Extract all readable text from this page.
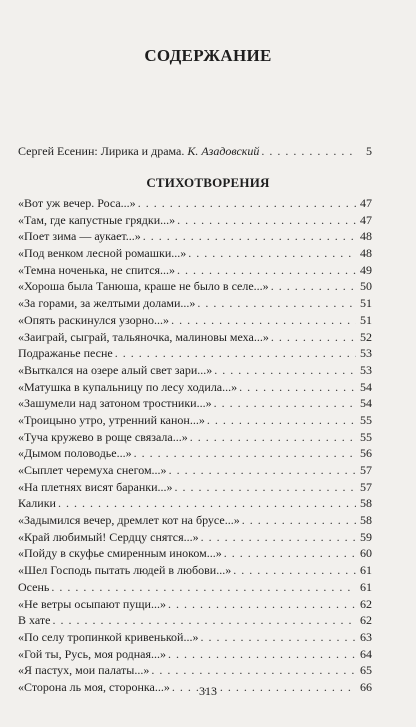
СОДЕРЖАНИЕ
Сергей Есенин: Лирика и драма. К. Азадовский . . .	5
СТИХОТВОРЕНИЯ
«Вот уж вечер. Роса...» . . .	47
«Там, где капустные грядки...» . . .	47
«Поет зима — аукает...» . . .	48
«Под венком лесной ромашки...» . . .	48
«Темна ноченька, не спится...» . . .	49
«Хороша была Танюша, краше не было в селе...» . . .	50
«За горами, за желтыми долами...» . . .	51
«Опять раскинулся узорно...» . . .	51
«Заиграй, сыграй, тальяночка, малиновы меха...» . . .	52
Подражанье песне . . .	53
«Выткался на озере алый свет зари...» . . .	53
«Матушка в купальницу по лесу ходила...» . . .	54
«Зашумели над затоном тростники...» . . .	54
«Троицыно утро, утренний канон...» . . .	55
«Туча кружево в роще связала...» . . .	55
«Дымом половодье...» . . .	56
«Сыплет черемуха снегом...» . . .	57
«На плетнях висят баранки...» . . .	57
Калики . . .	58
«Задымился вечер, дремлет кот на брусе...» . . .	58
«Край любимый! Сердцу снятся...» . . .	59
«Пойду в скуфье смиренным иноком...» . . .	60
«Шел Господь пытать людей в любови...» . . .	61
Осень . . .	61
«Не ветры осыпают пущи...» . . .	62
В хате . . .	62
«По селу тропинкой кривенькой...» . . .	63
«Гой ты, Русь, моя родная...» . . .	64
«Я пастух, мои палаты...» . . .	65
«Сторона ль моя, сторонка...» . . .	66
313
